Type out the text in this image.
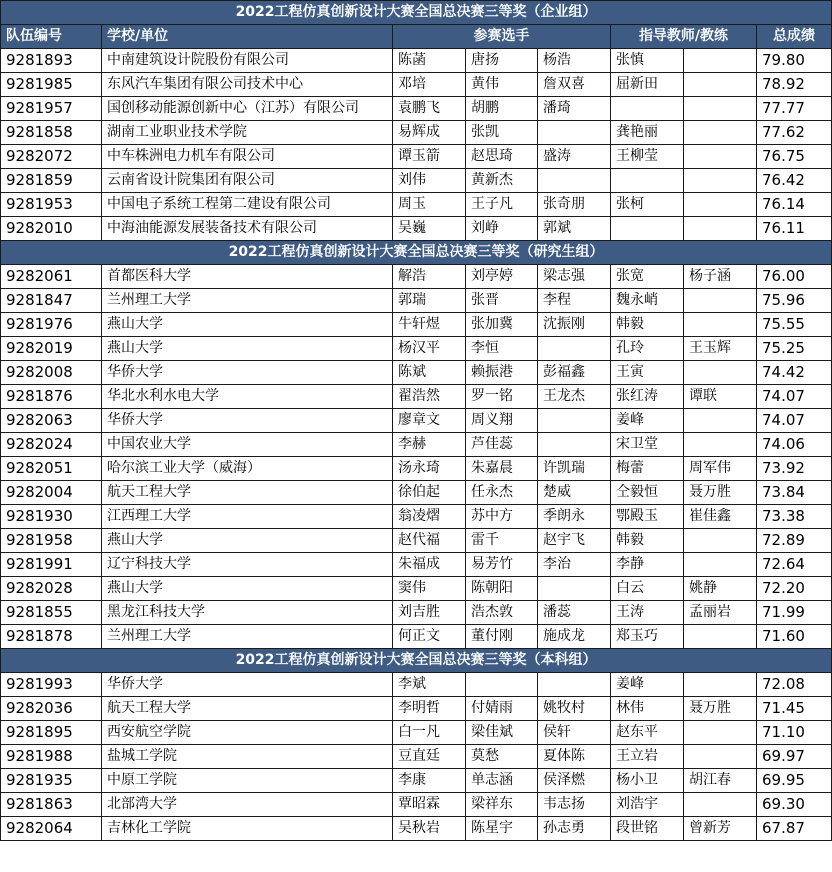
2022工程仿真创新设计大赛全国总决赛三等奖（企业组）							
队伍编号	学校/单位	参赛选手			指导教师/教练		总成绩
9281893	中南建筑设计院股份有限公司	陈菡	唐扬	杨浩	张慎		79.80
9281985	东风汽车集团有限公司技术中心	邓培	黄伟	詹双喜	屈新田		78.92
9281957	国创移动能源创新中心（江苏）有限公司	袁鹏飞	胡鹏	潘琦			77.77
9281858	湖南工业职业技术学院	易辉成	张凯		龚艳丽		77.62
9282072	中车株洲电力机车有限公司	谭玉箭	赵思琦	盛涛	王柳莹		76.75
9281859	云南省设计院集团有限公司	刘伟	黄新杰				76.42
9281953	中国电子系统工程第二建设有限公司	周玉	王子凡	张奇朋	张柯		76.14
9282010	中海油能源发展装备技术有限公司	吴巍	刘峥	郭斌			76.11
2022工程仿真创新设计大赛全国总决赛三等奖（研究生组）							
9282061	首都医科大学	解浩	刘亭婷	梁志强	张宽	杨子涵	76.00
9281847	兰州理工大学	郭瑞	张晋	李程	魏永峭		75.96
9281976	燕山大学	牛轩煜	张加冀	沈振刚	韩毅		75.55
9282019	燕山大学	杨汉平	李恒		孔玲	王玉辉	75.25
9282008	华侨大学	陈斌	赖振港	彭福鑫	王寅		74.42
9281876	华北水利水电大学	翟浩然	罗一铭	王龙杰	张红涛	谭联	74.07
9282063	华侨大学	廖章文	周义翔		姜峰		74.07
9282024	中国农业大学	李赫	芦佳蕊		宋卫堂		74.06
9282051	哈尔滨工业大学（威海）	汤永琦	朱嘉晨	许凯瑞	梅蕾	周军伟	73.92
9282004	航天工程大学	徐伯起	任永杰	楚威	仝毅恒	聂万胜	73.84
9281930	江西理工大学	翁凌熠	苏中方	季朗永	鄂殿玉	崔佳鑫	73.38
9281958	燕山大学	赵代福	雷千	赵宇飞	韩毅		72.89
9281991	辽宁科技大学	朱福成	易芳竹	李治	李静		72.64
9282028	燕山大学	窦伟	陈朝阳		白云	姚静	72.20
9281855	黑龙江科技大学	刘吉胜	浩杰敦	潘蕊	王涛	孟丽岩	71.99
9281878	兰州理工大学	何正文	董付刚	施成龙	郑玉巧		71.60
2022工程仿真创新设计大赛全国总决赛三等奖（本科组）							
9281993	华侨大学	李斌			姜峰		72.08
9282036	航天工程大学	李明哲	付婧雨	姚牧村	林伟	聂万胜	71.45
9281895	西安航空学院	白一凡	梁佳斌	侯轩	赵东平		71.10
9281988	盐城工学院	豆直廷	莫愁	夏体陈	王立岩		69.97
9281935	中原工学院	李康	单志涵	侯泽燃	杨小卫	胡江春	69.95
9281863	北部湾大学	覃昭霖	梁祥东	韦志扬	刘浩宇		69.30
9282064	吉林化工学院	吴秋岩	陈星宇	孙志勇	段世铭	曾新芳	67.87
